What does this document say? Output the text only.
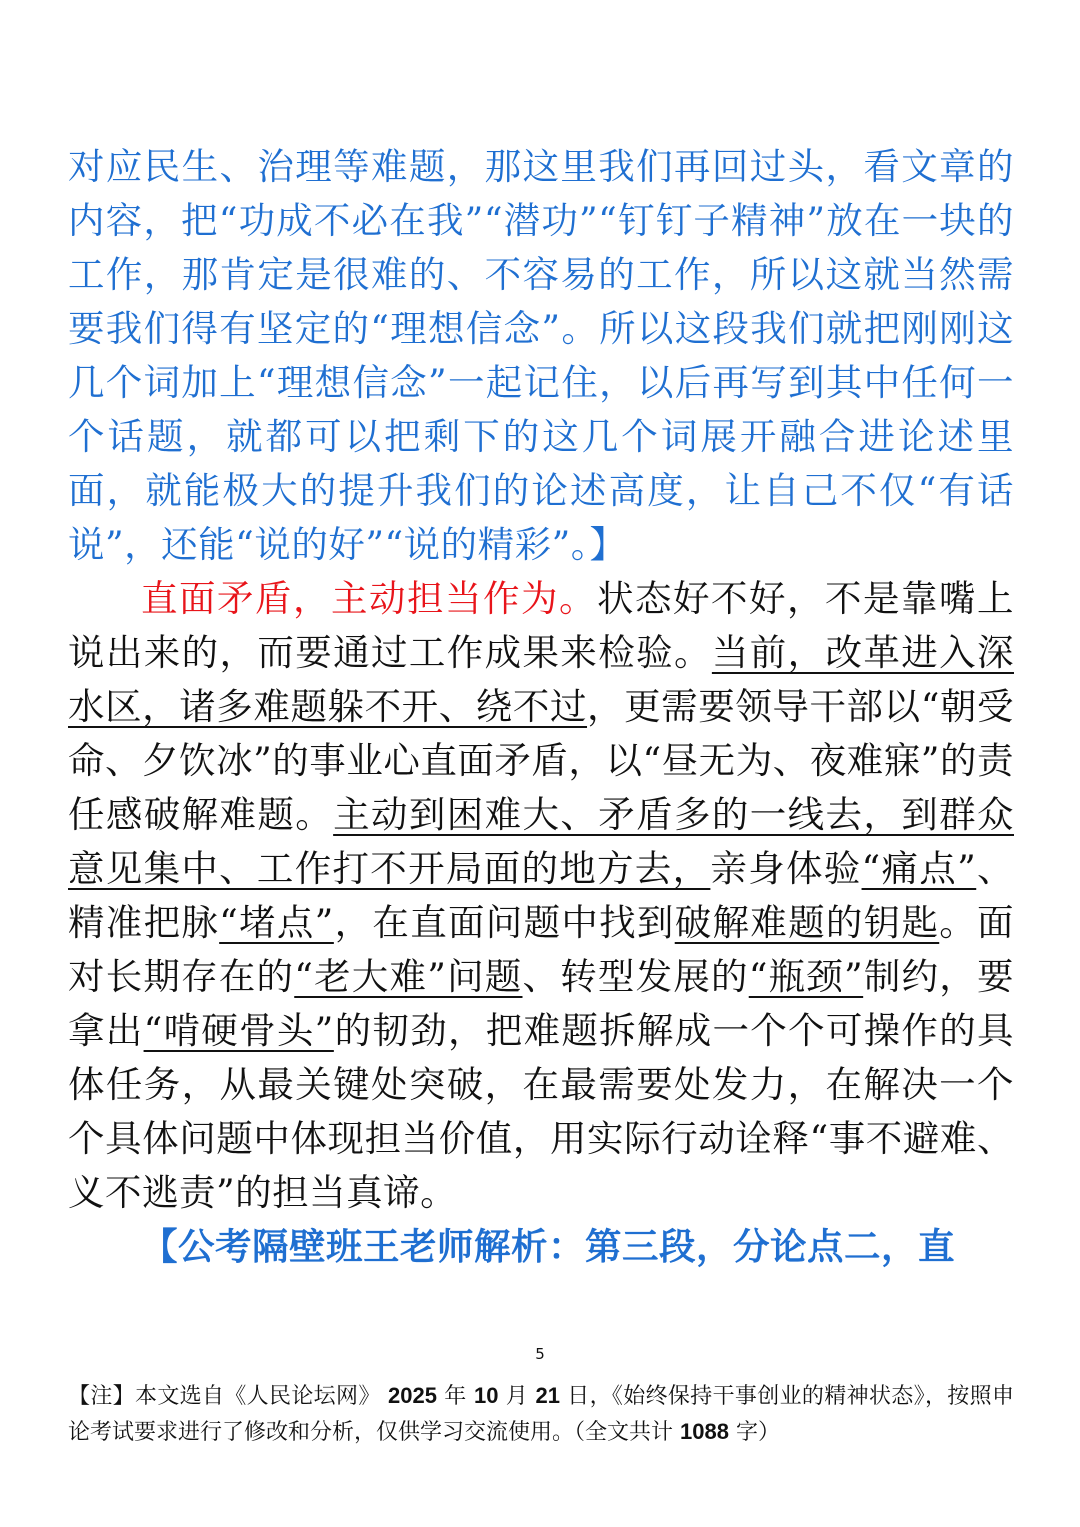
对应民生、治理等难题，那这里我们再回过头，看文章的内容，把“功成不必在我”“潜功”“钉钉子精神”放在一块的工作，那肯定是很难的、不容易的工作，所以这就当然需要我们得有坚定的“理想信念”。所以这段我们就把刚刚这几个词加上“理想信念”一起记住，以后再写到其中任何一个话题，就都可以把剩下的这几个词展开融合进论述里面，就能极大的提升我们的论述高度，让自己不仅“有话说”，还能“说的好”“说的精彩”。】

直面矛盾，主动担当作为。状态好不好，不是靠嘴上说出来的，而要通过工作成果来检验。当前，改革进入深水区，诸多难题躲不开、绕不过，更需要领导干部以“朝受命、夕饮冰”的事业心直面矛盾，以“昼无为、夜难寐”的责任感破解难题。主动到困难大、矛盾多的一线去，到群众意见集中、工作打不开局面的地方去，亲身体验“痛点”、精准把脉“堵点”，在直面问题中找到破解难题的钥匙。面对长期存在的“老大难”问题、转型发展的“瓶颈”制约，要拿出“啃硬骨头”的韧劲，把难题拆解成一个个可操作的具体任务，从最关键处突破，在最需要处发力，在解决一个个具体问题中体现担当价值，用实际行动诠释“事不避难、义不逃责”的担当真谛。

【公考隔壁班王老师解析：第三段，分论点二，直

5
【注】本文选自《人民论坛网》 2025 年 10 月 21 日，《始终保持干事创业的精神状态》，按照申论考试要求进行了修改和分析，仅供学习交流使用。（全文共计 1088 字）
